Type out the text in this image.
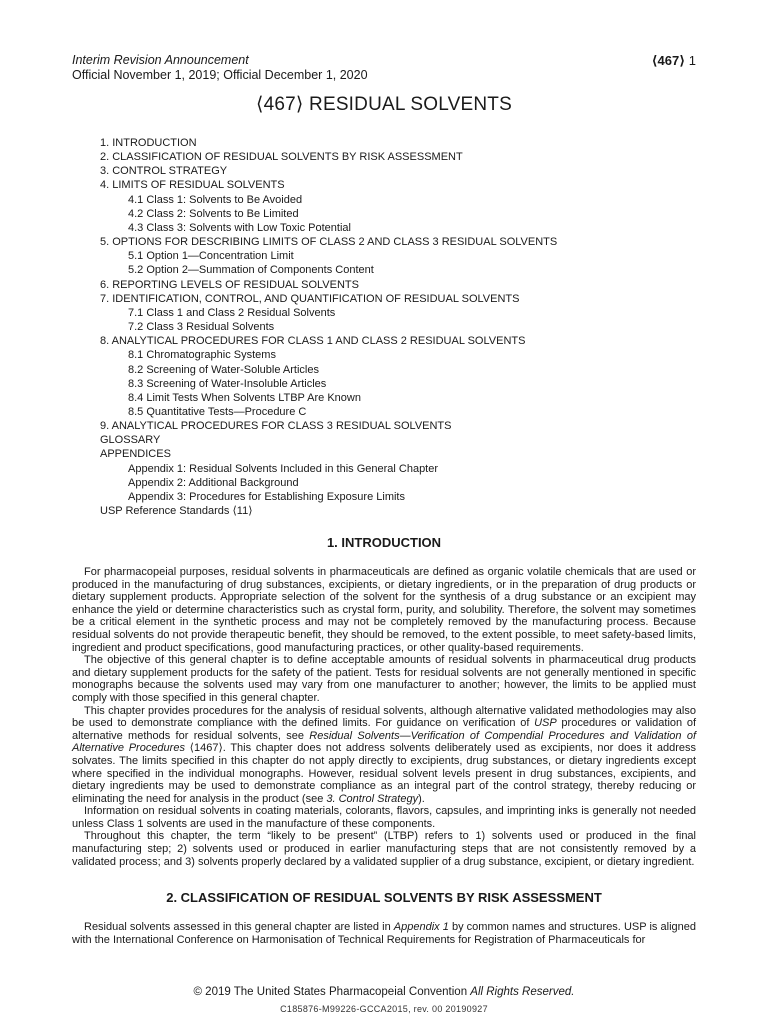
Interim Revision Announcement
Official November 1, 2019; Official December 1, 2020
⟨467⟩ 1
⟨467⟩ RESIDUAL SOLVENTS
1. INTRODUCTION
2. CLASSIFICATION OF RESIDUAL SOLVENTS BY RISK ASSESSMENT
3. CONTROL STRATEGY
4. LIMITS OF RESIDUAL SOLVENTS
4.1 Class 1: Solvents to Be Avoided
4.2 Class 2: Solvents to Be Limited
4.3 Class 3: Solvents with Low Toxic Potential
5. OPTIONS FOR DESCRIBING LIMITS OF CLASS 2 AND CLASS 3 RESIDUAL SOLVENTS
5.1 Option 1—Concentration Limit
5.2 Option 2—Summation of Components Content
6. REPORTING LEVELS OF RESIDUAL SOLVENTS
7. IDENTIFICATION, CONTROL, AND QUANTIFICATION OF RESIDUAL SOLVENTS
7.1 Class 1 and Class 2 Residual Solvents
7.2 Class 3 Residual Solvents
8. ANALYTICAL PROCEDURES FOR CLASS 1 AND CLASS 2 RESIDUAL SOLVENTS
8.1 Chromatographic Systems
8.2 Screening of Water-Soluble Articles
8.3 Screening of Water-Insoluble Articles
8.4 Limit Tests When Solvents LTBP Are Known
8.5 Quantitative Tests—Procedure C
9. ANALYTICAL PROCEDURES FOR CLASS 3 RESIDUAL SOLVENTS
GLOSSARY
APPENDICES
Appendix 1: Residual Solvents Included in this General Chapter
Appendix 2: Additional Background
Appendix 3: Procedures for Establishing Exposure Limits
USP Reference Standards ⟨11⟩
1. INTRODUCTION

For pharmacopeial purposes, residual solvents in pharmaceuticals are defined as organic volatile chemicals that are used or produced in the manufacturing of drug substances, excipients, or dietary ingredients, or in the preparation of drug products or dietary supplement products. Appropriate selection of the solvent for the synthesis of a drug substance or an excipient may enhance the yield or determine characteristics such as crystal form, purity, and solubility. Therefore, the solvent may sometimes be a critical element in the synthetic process and may not be completely removed by the manufacturing process. Because residual solvents do not provide therapeutic benefit, they should be removed, to the extent possible, to meet safety-based limits, ingredient and product specifications, good manufacturing practices, or other quality-based requirements.

The objective of this general chapter is to define acceptable amounts of residual solvents in pharmaceutical drug products and dietary supplement products for the safety of the patient. Tests for residual solvents are not generally mentioned in specific monographs because the solvents used may vary from one manufacturer to another; however, the limits to be applied must comply with those specified in this general chapter.

This chapter provides procedures for the analysis of residual solvents, although alternative validated methodologies may also be used to demonstrate compliance with the defined limits. For guidance on verification of USP procedures or validation of alternative methods for residual solvents, see Residual Solvents—Verification of Compendial Procedures and Validation of Alternative Procedures ⟨1467⟩. This chapter does not address solvents deliberately used as excipients, nor does it address solvates. The limits specified in this chapter do not apply directly to excipients, drug substances, or dietary ingredients except where specified in the individual monographs. However, residual solvent levels present in drug substances, excipients, and dietary ingredients may be used to demonstrate compliance as an integral part of the control strategy, thereby reducing or eliminating the need for analysis in the product (see 3. Control Strategy).

Information on residual solvents in coating materials, colorants, flavors, capsules, and imprinting inks is generally not needed unless Class 1 solvents are used in the manufacture of these components.

Throughout this chapter, the term “likely to be present” (LTBP) refers to 1) solvents used or produced in the final manufacturing step; 2) solvents used or produced in earlier manufacturing steps that are not consistently removed by a validated process; and 3) solvents properly declared by a validated supplier of a drug substance, excipient, or dietary ingredient.

2. CLASSIFICATION OF RESIDUAL SOLVENTS BY RISK ASSESSMENT

Residual solvents assessed in this general chapter are listed in Appendix 1 by common names and structures. USP is aligned with the International Conference on Harmonisation of Technical Requirements for Registration of Pharmaceuticals for

© 2019 The United States Pharmacopeial Convention All Rights Reserved.
C185876-M99226-GCCA2015, rev. 00 20190927
